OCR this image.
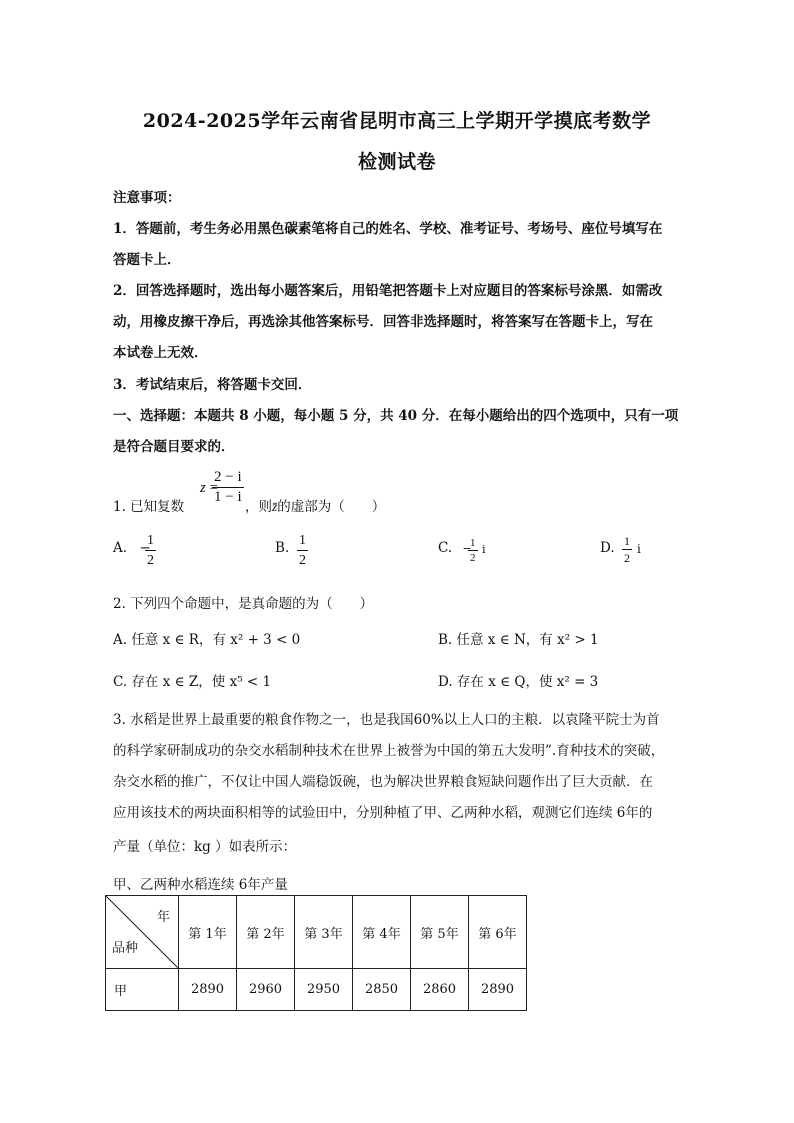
2024-2025学年云南省昆明市高三上学期开学摸底考数学
检测试卷
注意事项：
1．答题前，考生务必用黑色碳素笔将自己的姓名、学校、准考证号、考场号、座位号填写在
答题卡上．
2．回答选择题时，选出每小题答案后，用铅笔把答题卡上对应题目的答案标号涂黑．如需改
动，用橡皮擦干净后，再选涂其他答案标号．回答非选择题时，将答案写在答题卡上，写在
本试卷上无效．
3．考试结束后，将答题卡交回．
一、选择题：本题共 8 小题，每小题 5 分，共 40 分．在每小题给出的四个选项中，只有一项
是符合题目要求的．
1. 已知复数
z =
$\frac{2 - i}{1 - i}$ ，则z̄的虚部为（　　）
A. −
$\frac{1}{2}$	B. $\frac{1}{2}$	C. −
$\frac{1}{2}$ i	D. $\frac{1}{2}$ i
2. 下列四个命题中，是真命题的为（　　）
A. 任意 x ∈ R，有 x² + 3 < 0	B. 任意 x ∈ N，有 x² > 1
C. 存在 x ∈ Z，使 x⁵ < 1	D. 存在 x ∈ Q，使 x² = 3
3. 水稻是世界上最重要的粮食作物之一，也是我国60%以上人口的主粮．以袁隆平院士为首
的科学家研制成功的杂交水稻制种技术在世界上被誉为中国的第五大发明”.育种技术的突破，
杂交水稻的推广，不仅让中国人端稳饭碗，也为解决世界粮食短缺问题作出了巨大贡献．在
应用该技术的两块面积相等的试验田中，分别种植了甲、乙两种水稻，观测它们连续 6年的
产量（单位：kg ）如表所示：
甲、乙两种水稻连续 6年产量
年
品种	第 1年	第 2年	第 3年	第 4年	第 5年	第 6年
甲	2890	2960	2950	2850	2860	2890
